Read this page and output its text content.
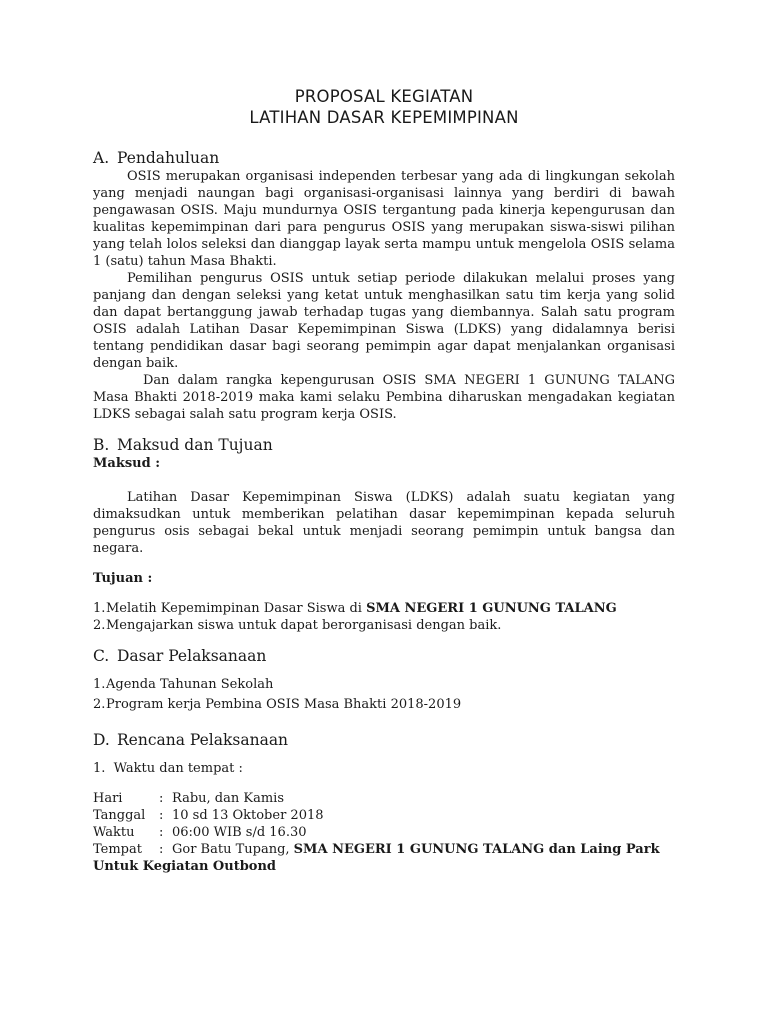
PROPOSAL KEGIATAN
LATIHAN DASAR KEPEMIMPINAN
A. Pendahuluan

OSIS merupakan organisasi independen terbesar yang ada di lingkungan sekolah yang menjadi naungan bagi organisasi-organisasi lainnya yang berdiri di bawah pengawasan OSIS. Maju mundurnya OSIS tergantung pada kinerja kepengurusan dan kualitas kepemimpinan dari para pengurus OSIS yang merupakan siswa-siswi pilihan yang telah lolos seleksi dan dianggap layak serta mampu untuk mengelola OSIS selama 1 (satu) tahun Masa Bhakti.

Pemilihan pengurus OSIS untuk setiap periode dilakukan melalui proses yang panjang dan dengan seleksi yang ketat untuk menghasilkan satu tim kerja yang solid dan dapat bertanggung jawab terhadap tugas yang diembannya. Salah satu program OSIS adalah Latihan Dasar Kepemimpinan Siswa (LDKS) yang didalamnya berisi tentang pendidikan dasar bagi seorang pemimpin agar dapat menjalankan organisasi dengan baik.

Dan dalam rangka kepengurusan OSIS SMA NEGERI 1 GUNUNG TALANG Masa Bhakti 2018-2019 maka kami selaku Pembina diharuskan mengadakan kegiatan LDKS sebagai salah satu program kerja OSIS.

B. Maksud dan Tujuan

Maksud :

Latihan Dasar Kepemimpinan Siswa (LDKS) adalah suatu kegiatan yang dimaksudkan untuk memberikan pelatihan dasar kepemimpinan kepada seluruh pengurus osis sebagai bekal untuk menjadi seorang pemimpin untuk bangsa dan negara.

Tujuan :

1.Melatih Kepemimpinan Dasar Siswa di SMA NEGERI 1 GUNUNG TALANG
2.Mengajarkan siswa untuk dapat berorganisasi dengan baik.
C. Dasar Pelaksanaan
1.Agenda Tahunan Sekolah
2.Program kerja Pembina OSIS Masa Bhakti 2018-2019
D. Rencana Pelaksanaan

1.  Waktu dan tempat :

Hari	: Rabu, dan Kamis
Tanggal : 10 sd 13 Oktober 2018
Waktu : 06:00 WIB s/d 16.30
Tempat : Gor Batu Tupang, SMA NEGERI 1 GUNUNG TALANG dan Laing Park
Untuk Kegiatan Outbond
